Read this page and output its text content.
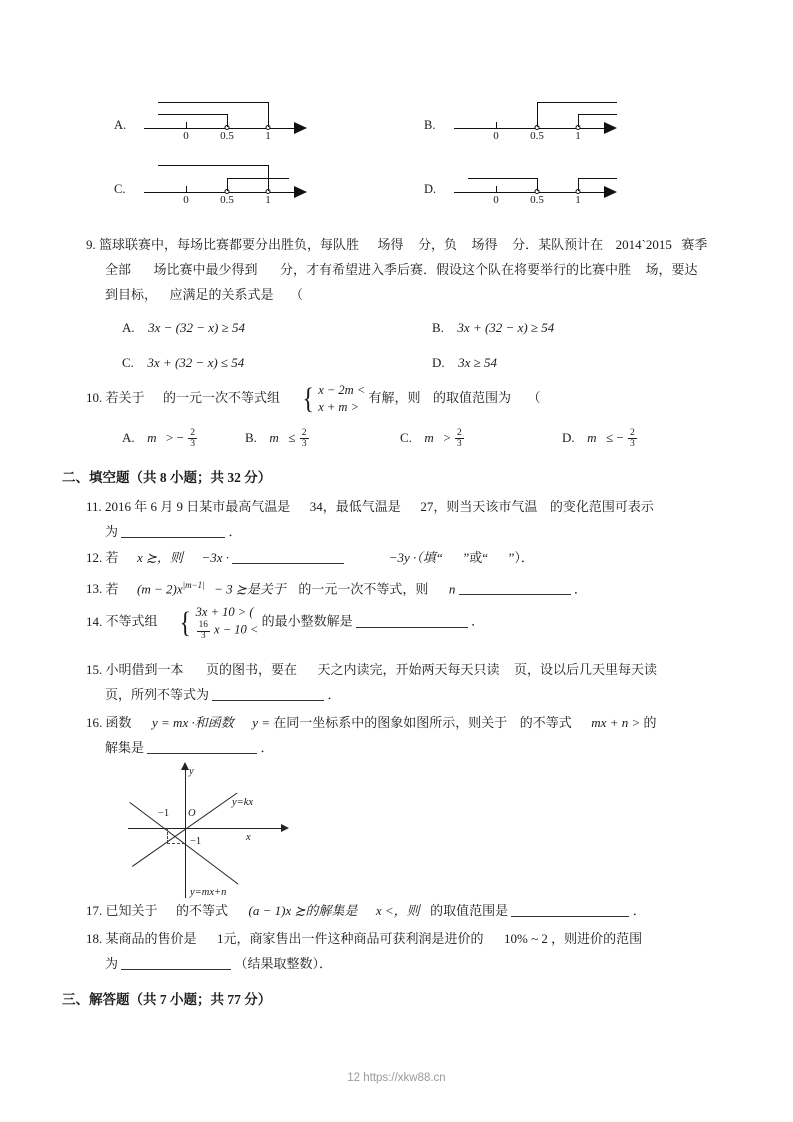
A.
0	0.5	1
B.
0	0.5	1
C.
0	0.5	1
D.
0	0.5	1
9. 篮球联赛中，每场比赛都要分出胜负，每队胜 场得 分，负 场得 分．某队预计在 2014`2015 赛季
全部 场比赛中最少得到 分，才有希望进入季后赛．假设这个队在将要举行的比赛中胜 场，要达
到目标， 应满足的关系式是 （
A. 3x − (32 − x) ≥ 54	B. 3x + (32 − x) ≥ 54
C. 3x + (32 − x) ≤ 54	D. 3x ≥ 54
10. 若关于 的一元一次不等式组 { x − 2m <
x + m >
有解，则 的取值范围为 （
A. m > − $\frac{2}{3}$	B. $m \le \frac{2}{3}$	C. $m > \frac{2}{3}$	D. m ≤ − $\frac{2}{3}$
二、填空题（共 8 小题；共 32 分）
11. 2016 年 6 月 9 日某市最高气温是 34，最低气温是 27，则当天该市气温 的变化范围可表示
为	．
12. 若 x ≿，则 −3x ·	−3y ·（填“ ”或“ ”）．
13. 若 $(m - 2)x^{|m-1|} - 3$ ≿是关于 的一元一次不等式，则 n	．
14. 不等式组 { 3x + 10 > (
$\frac{16}{3}$ x − 10 <
的最小整数解是	．
15. 小明借到一本 页的图书，要在 天之内读完，开始两天每天只读 页，设以后几天里每天读
页，所列不等式为	．
16. 函数 y = mx ·和函数 y = 在同一坐标系中的图象如图所示，则关于 的不等式 mx + n > 的
解集是	．
y
x
O
−1
−1
y=kx
y=mx+n
17. 已知关于 的不等式 (a − 1)x ≿的解集是 x <，则 的取值范围是	．
18. 某商品的售价是 1元，商家售出一件这种商品可获利润是进价的 10% ~ 2 ，则进价的范围
为	（结果取整数）．
三、解答题（共 7 小题；共 77 分）
12 https://xkw88.cn
